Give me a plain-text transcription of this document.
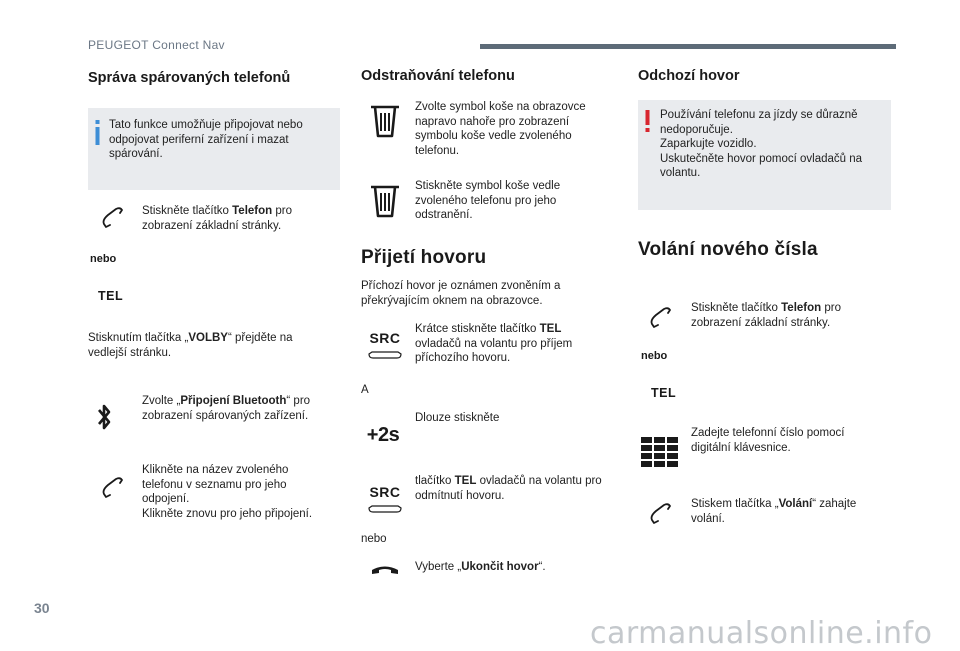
PEUGEOT Connect Nav
Správa spárovaných telefonů
Tato funkce umožňuje připojovat nebo odpojovat periferní zařízení i mazat spárování.
Stiskněte tlačítko Telefon pro zobrazení základní stránky.
nebo
TEL
Stisknutím tlačítka „VOLBY“ přejděte na vedlejší stránku.
Zvolte „Připojení Bluetooth“ pro zobrazení spárovaných zařízení.
Klikněte na název zvoleného telefonu v seznamu pro jeho odpojení.
Klikněte znovu pro jeho připojení.
Odstraňování telefonu
Zvolte symbol koše na obrazovce napravo nahoře pro zobrazení symbolu koše vedle zvoleného telefonu.
Stiskněte symbol koše vedle zvoleného telefonu pro jeho odstranění.
Přijetí hovoru
Příchozí hovor je oznámen zvoněním a překrývajícím oknem na obrazovce.
SRC
Krátce stiskněte tlačítko TEL ovladačů na volantu pro příjem příchozího hovoru.
A
+2s
Dlouze stiskněte
SRC
tlačítko TEL ovladačů na volantu pro odmítnutí hovoru.
nebo
Vyberte „Ukončit hovor“.
Odchozí hovor
Používání telefonu za jízdy se důrazně nedoporučuje.
Zaparkujte vozidlo.
Uskutečněte hovor pomocí ovladačů na volantu.
Volání nového čísla
Stiskněte tlačítko Telefon pro zobrazení základní stránky.
nebo
TEL
Zadejte telefonní číslo pomocí digitální klávesnice.
Stiskem tlačítka „Volání“ zahajte volání.
30
carmanualsonline.info
